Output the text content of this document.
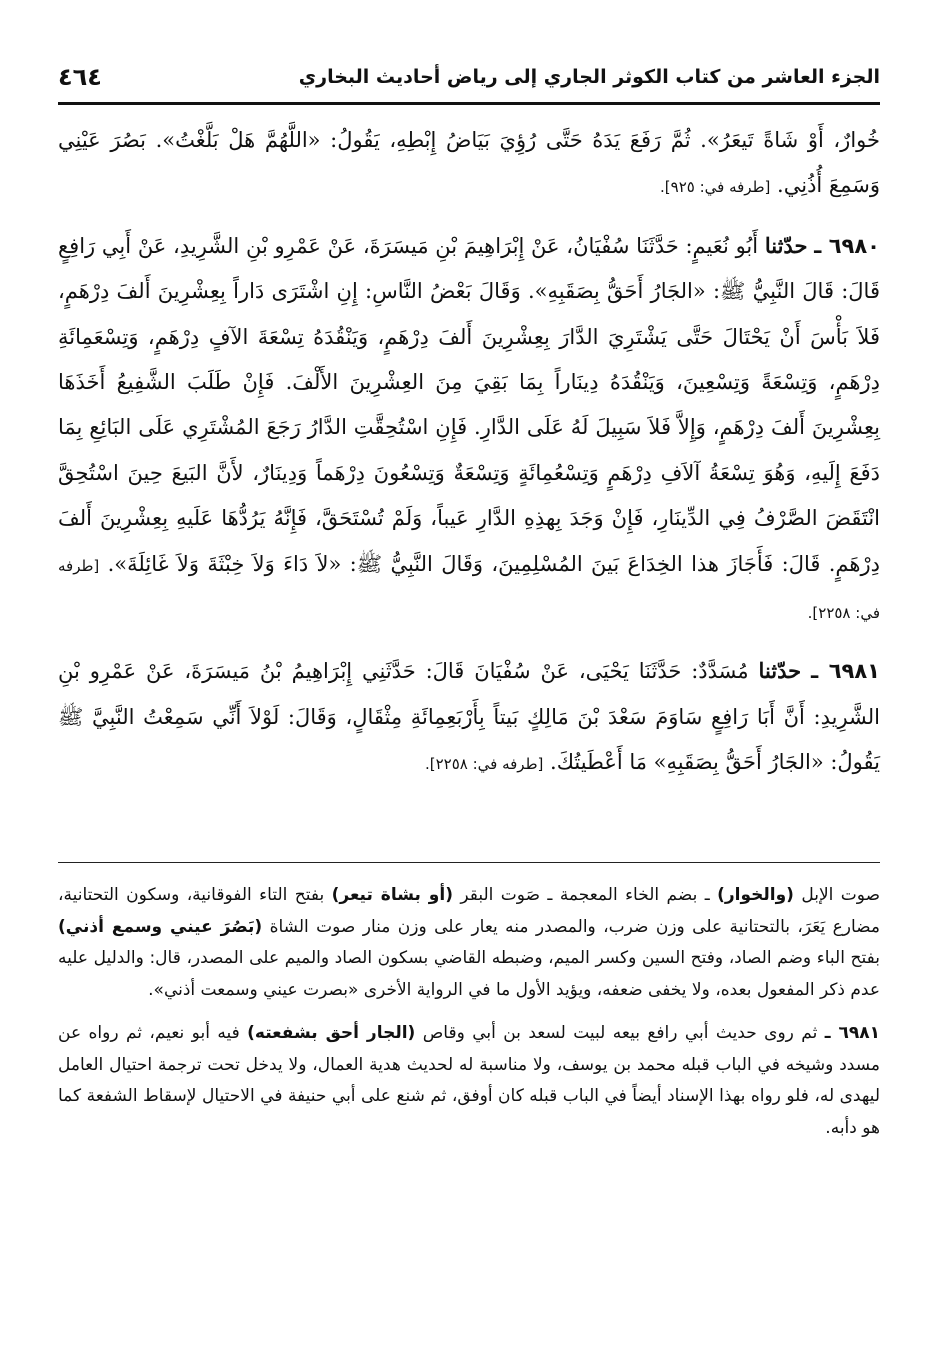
الجزء العاشر من كتاب الكوثر الجاري إلى رياض أحاديث البخاري
٤٦٤

خُوارٌ، أَوْ شَاةً تَيعَرُ». ثُمَّ رَفَعَ يَدَهُ حَتَّى رُؤِيَ بَيَاضُ إِبْطِهِ، يَقُولُ: «اللَّهُمَّ هَلْ بَلَّغْتُ». بَصُرَ عَيْنِي وَسَمِعَ أُذُنِي. [طرفه في: ٩٢٥].

٦٩٨٠ ـ حدّثنا أَبُو نُعَيمٍ: حَدَّثَنَا سُفْيَانُ، عَنْ إِبْرَاهِيمَ بْنِ مَيسَرَةَ، عَنْ عَمْرِو بْنِ الشَّرِيدِ، عَنْ أَبِي رَافِعٍ قَالَ: قَالَ النَّبِيُّ ﷺ: «الجَارُ أَحَقُّ بِصَقَبِهِ». وَقَالَ بَعْضُ النَّاسِ: إِنِ اشْتَرَى دَاراً بِعِشْرِينَ أَلفَ دِرْهَمٍ، فَلاَ بَأْسَ أَنْ يَحْتَالَ حَتَّى يَشْتَرِيَ الدَّارَ بِعِشْرِينَ أَلفَ دِرْهَمٍ، وَيَنْقُدَهُ تِسْعَةَ الآفٍ دِرْهَمٍ، وَتِسْعَمِائَةِ دِرْهَمٍ، وَتِسْعَةً وَتِسْعِينَ، وَيَنْقُدَهُ دِينَاراً بِمَا بَقِيَ مِنَ العِشْرِينَ الأَلْفَ. فَإِنْ طَلَبَ الشَّفِيعُ أَخَذَهَا بِعِشْرِينَ أَلفَ دِرْهَمٍ، وَإِلاَّ فَلاَ سَبِيلَ لَهُ عَلَى الدَّارِ. فَإِنِ اسْتُحِقَّتِ الدَّارُ رَجَعَ المُشْتَرِي عَلَى البَائِعِ بِمَا دَفَعَ إِلَيهِ، وَهُوَ تِسْعَةُ آلاَفِ دِرْهَمٍ وَتِسْعُمِائَةٍ وَتِسْعَةٌ وَتِسْعُونَ دِرْهَماً وَدِينَارٌ، لأَنَّ البَيعَ حِينَ اسْتُحِقَّ انْتَقَضَ الصَّرْفُ فِي الدِّينَارِ، فَإِنْ وَجَدَ بِهذِهِ الدَّارِ عَيباً، وَلَمْ تُسْتَحَقَّ، فَإِنَّهُ يَرُدُّهَا عَلَيهِ بِعِشْرِينَ أَلفَ دِرْهَمٍ. قَالَ: فَأَجَازَ هذا الخِدَاعَ بَينَ المُسْلِمِينَ، وَقَالَ النَّبِيُّ ﷺ: «لاَ دَاءَ وَلاَ خِبْثَةَ وَلاَ غَائِلَةَ». [طرفه في: ٢٢٥٨].

٦٩٨١ ـ حدّثنا مُسَدَّدٌ: حَدَّثَنَا يَحْيَى، عَنْ سُفْيَانَ قَالَ: حَدَّثَنِي إِبْرَاهِيمُ بْنُ مَيسَرَةَ، عَنْ عَمْرِو بْنِ الشَّرِيدِ: أَنَّ أَبَا رَافِعٍ سَاوَمَ سَعْدَ بْنَ مَالِكٍ بَيتاً بِأَرْبَعِمِائَةِ مِثْقَالٍ، وَقَالَ: لَوْلاَ أَنِّي سَمِعْتُ النَّبِيَّ ﷺ يَقُولُ: «الجَارُ أَحَقُّ بِصَقَبِهِ» مَا أَعْطَيتُكَ. [طرفه في: ٢٢٥٨].

صوت الإبل (والخوار) ـ بضم الخاء المعجمة ـ صَوت البقر (أو بشاة تيعر) بفتح التاء الفوقانية، وسكون التحتانية، مضارع يَعَرَ، بالتحتانية على وزن ضرب، والمصدر منه يعار على وزن منار صوت الشاة (بَصُرَ عيني وسمع أذني) بفتح الباء وضم الصاد، وفتح السين وكسر الميم، وضبطه القاضي بسكون الصاد والميم على المصدر، قال: والدليل عليه عدم ذكر المفعول بعده، ولا يخفى ضعفه، ويؤيد الأول ما في الرواية الأخرى «بصرت عيني وسمعت أذني».

٦٩٨١ ـ ثم روى حديث أبي رافع بيعه لبيت لسعد بن أبي وقاص (الجار أحق بشفعته) فيه أبو نعيم، ثم رواه عن مسدد وشيخه في الباب قبله محمد بن يوسف، ولا مناسبة له لحديث هدية العمال، ولا يدخل تحت ترجمة احتيال العامل ليهدى له، فلو رواه بهذا الإسناد أيضاً في الباب قبله كان أوفق، ثم شنع على أبي حنيفة في الاحتيال لإسقاط الشفعة كما هو دأبه.
